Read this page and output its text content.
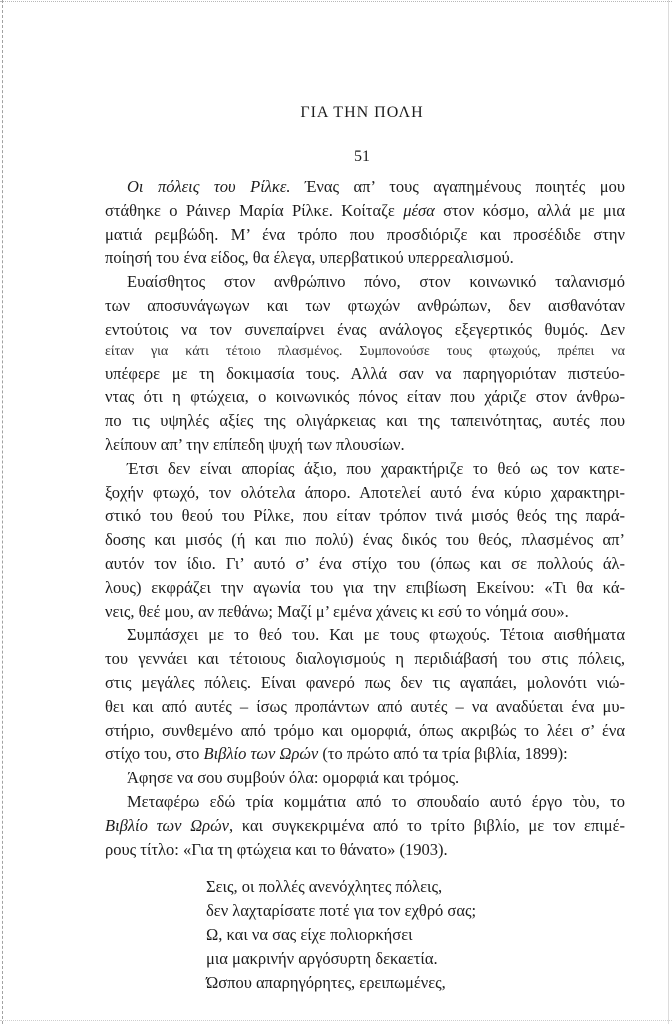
ΓΙΑ ΤΗΝ ΠΟΛΗ
51
Οι πόλεις του Ρίλκε. Ένας απ’ τους αγαπημένους ποιητές μου
στάθηκε ο Ράινερ Μαρία Ρίλκε. Κοίταζε μέσα στον κόσμο, αλλά με μια
ματιά ρεμβώδη. Μ’ ένα τρόπο που προσδιόριζε και προσέδιδε στην
ποίησή του ένα είδος, θα έλεγα, υπερβατικού υπερρεαλισμού.
Ευαίσθητος στον ανθρώπινο πόνο, στον κοινωνικό ταλανισμό
των αποσυνάγωγων και των φτωχών ανθρώπων, δεν αισθανόταν
εντούτοις να τον συνεπαίρνει ένας ανάλογος εξεγερτικός θυμός. Δεν
είταν για κάτι τέτοιο πλασμένος. Συμπονούσε τους φτωχούς, πρέπει να
υπέφερε με τη δοκιμασία τους. Αλλά σαν να παρηγοριόταν πιστεύο-
ντας ότι η φτώχεια, ο κοινωνικός πόνος είταν που χάριζε στον άνθρω-
πο τις υψηλές αξίες της ολιγάρκειας και της ταπεινότητας, αυτές που
λείπουν απ’ την επίπεδη ψυχή των πλουσίων.
Έτσι δεν είναι απορίας άξιο, που χαρακτήριζε το θεό ως τον κατε-
ξοχήν φτωχό, τον ολότελα άπορο. Αποτελεί αυτό ένα κύριο χαρακτηρι-
στικό του θεού του Ρίλκε, που είταν τρόπον τινά μισός θεός της παρά-
δοσης και μισός (ή και πιο πολύ) ένας δικός του θεός, πλασμένος απ’
αυτόν τον ίδιο. Γι’ αυτό σ’ ένα στίχο του (όπως και σε πολλούς άλ-
λους) εκφράζει την αγωνία του για την επιβίωση Εκείνου: «Τι θα κά-
νεις, θεέ μου, αν πεθάνω; Μαζί μ’ εμένα χάνεις κι εσύ το νόημά σου».
Συμπάσχει με το θεό του. Και με τους φτωχούς. Τέτοια αισθήματα
του γεννάει και τέτοιους διαλογισμούς η περιδιάβασή του στις πόλεις,
στις μεγάλες πόλεις. Είναι φανερό πως δεν τις αγαπάει, μολονότι νιώ-
θει και από αυτές – ίσως προπάντων από αυτές – να αναδύεται ένα μυ-
στήριο, συνθεμένο από τρόμο και ομορφιά, όπως ακριβώς το λέει σ’ ένα
στίχο του, στο Βιβλίο των Ωρών (το πρώτο από τα τρία βιβλία, 1899):
Άφησε να σου συμβούν όλα: ομορφιά και τρόμος.
Μεταφέρω εδώ τρία κομμάτια από το σπουδαίο αυτό έργο τὸυ, το
Βιβλίο των Ωρών, και συγκεκριμένα από το τρίτο βιβλίο, με τον επιμέ-
ρους τίτλο: «Για τη φτώχεια και το θάνατο» (1903).
Σεις, οι πολλές ανενόχλητες πόλεις,
δεν λαχταρίσατε ποτέ για τον εχθρό σας;
Ω, και να σας είχε πολιορκήσει
μια μακρινήν αργόσυρτη δεκαετία.
Ώσπου απαρηγόρητες, ερειπωμένες,
